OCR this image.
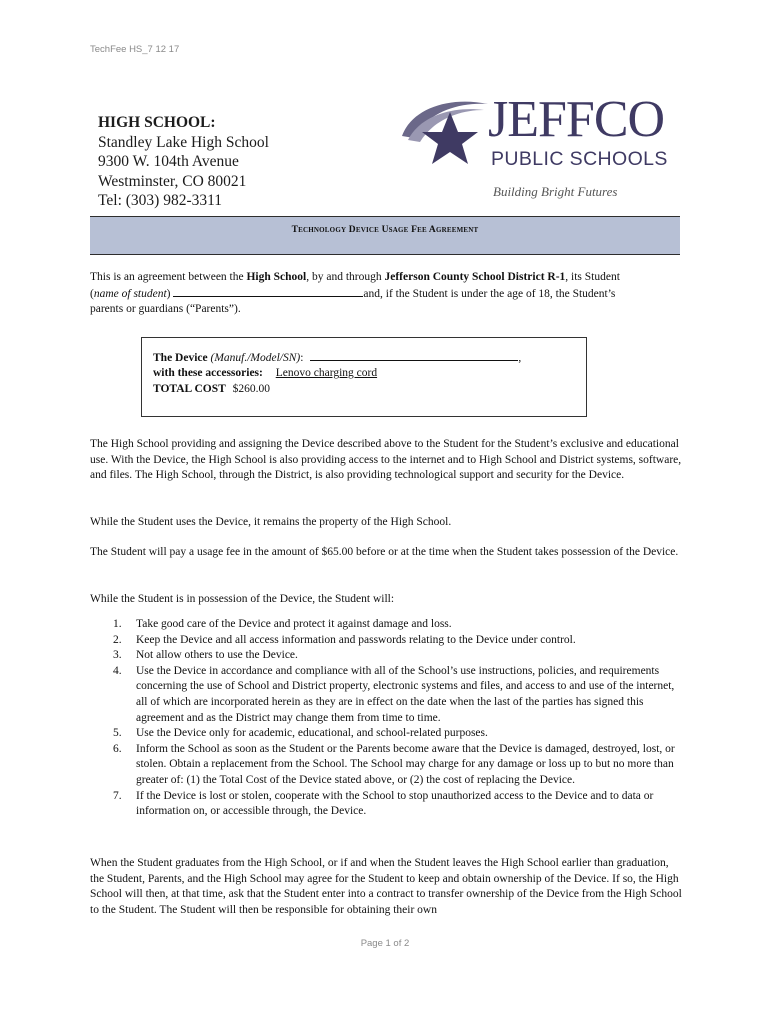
TechFee HS_7 12 17
HIGH SCHOOL:
Standley Lake High School
9300 W. 104th Avenue
Westminster, CO 80021
Tel: (303) 982-3311
JEFFCO
PUBLIC SCHOOLS
Building Bright Futures
Technology Device Usage Fee Agreement
This is an agreement between the High School, by and through Jefferson County School District R-1, its Student
(name of student)	and, if the Student is under the age of 18, the Student’s
parents or guardians (“Parents”).
The Device (Manuf./Model/SN):	,
with these accessories: Lenovo charging cord
TOTAL COST $260.00
The High School providing and assigning the Device described above to the Student for the Student’s exclusive and educational use. With the Device, the High School is also providing access to the internet and to High School and District systems, software, and files. The High School, through the District, is also providing technological support and security for the Device.
While the Student uses the Device, it remains the property of the High School.
The Student will pay a usage fee in the amount of $65.00 before or at the time when the Student takes possession of the Device.
While the Student is in possession of the Device, the Student will:
1. Take good care of the Device and protect it against damage and loss.
2. Keep the Device and all access information and passwords relating to the Device under control.
3. Not allow others to use the Device.
4. Use the Device in accordance and compliance with all of the School’s use instructions, policies, and requirements concerning the use of School and District property, electronic systems and files, and access to and use of the internet, all of which are incorporated herein as they are in effect on the date when the last of the parties has signed this agreement and as the District may change them from time to time.
5. Use the Device only for academic, educational, and school-related purposes.
6. Inform the School as soon as the Student or the Parents become aware that the Device is damaged, destroyed, lost, or stolen. Obtain a replacement from the School. The School may charge for any damage or loss up to but no more than greater of: (1) the Total Cost of the Device stated above, or (2) the cost of replacing the Device.
7. If the Device is lost or stolen, cooperate with the School to stop unauthorized access to the Device and to data or information on, or accessible through, the Device.
When the Student graduates from the High School, or if and when the Student leaves the High School earlier than graduation, the Student, Parents, and the High School may agree for the Student to keep and obtain ownership of the Device. If so, the High School will then, at that time, ask that the Student enter into a contract to transfer ownership of the Device from the High School to the Student. The Student will then be responsible for obtaining their own
Page 1 of 2
